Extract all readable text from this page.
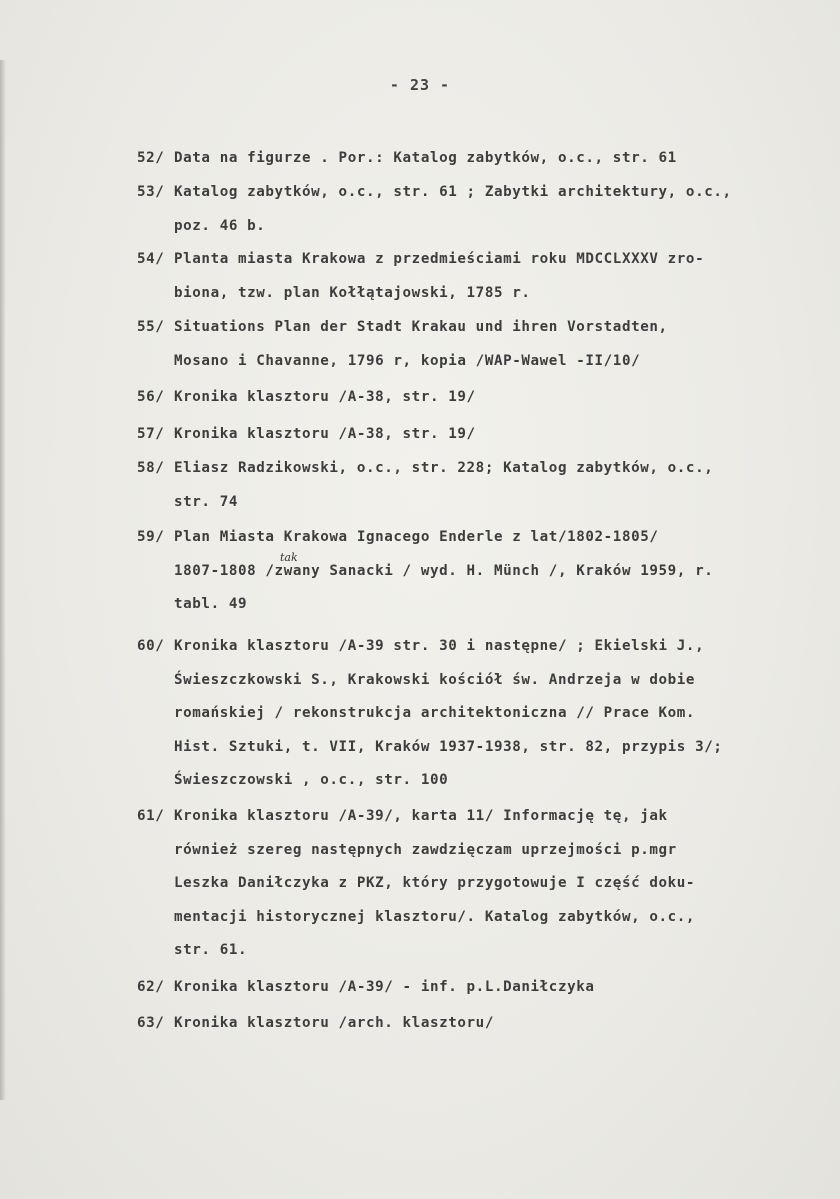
- 23 -
52/ Data na figurze . Por.: Katalog zabytków, o.c., str. 61
53/ Katalog zabytków, o.c., str. 61 ; Zabytki architektury, o.c.,
poz. 46 b.
54/ Planta miasta Krakowa z przedmieściami roku MDCCLXXXV zro-
biona, tzw. plan Kołłątajowski, 1785 r.
55/ Situations Plan der Stadt Krakau und ihren Vorstadten,
Mosano i Chavanne, 1796 r, kopia /WAP-Wawel -II/10/
56/ Kronika klasztoru /A-38, str. 19/
57/ Kronika klasztoru /A-38, str. 19/
58/ Eliasz Radzikowski, o.c., str. 228; Katalog zabytków, o.c.,
str. 74
59/ Plan Miasta Krakowa Ignacego Enderle z lat/1802-1805/
1807-1808 /zwany Sanacki / wyd. H. Münch /, Kraków 1959, r.
tabl. 49
60/ Kronika klasztoru /A-39 str. 30 i następne/ ; Ekielski J.,
Świeszczkowski S., Krakowski kościół św. Andrzeja w dobie
romańskiej / rekonstrukcja architektoniczna // Prace Kom.
Hist. Sztuki, t. VII, Kraków 1937-1938, str. 82, przypis 3/;
Świeszczowski , o.c., str. 100
61/ Kronika klasztoru /A-39/, karta 11/ Informację tę, jak
również szereg następnych zawdzięczam uprzejmości p.mgr
Leszka Daniłczyka z PKZ, który przygotowuje I część doku-
mentacji historycznej klasztoru/. Katalog zabytków, o.c.,
str. 61.
62/ Kronika klasztoru /A-39/ - inf. p.L.Daniłczyka
63/ Kronika klasztoru /arch. klasztoru/
tak
